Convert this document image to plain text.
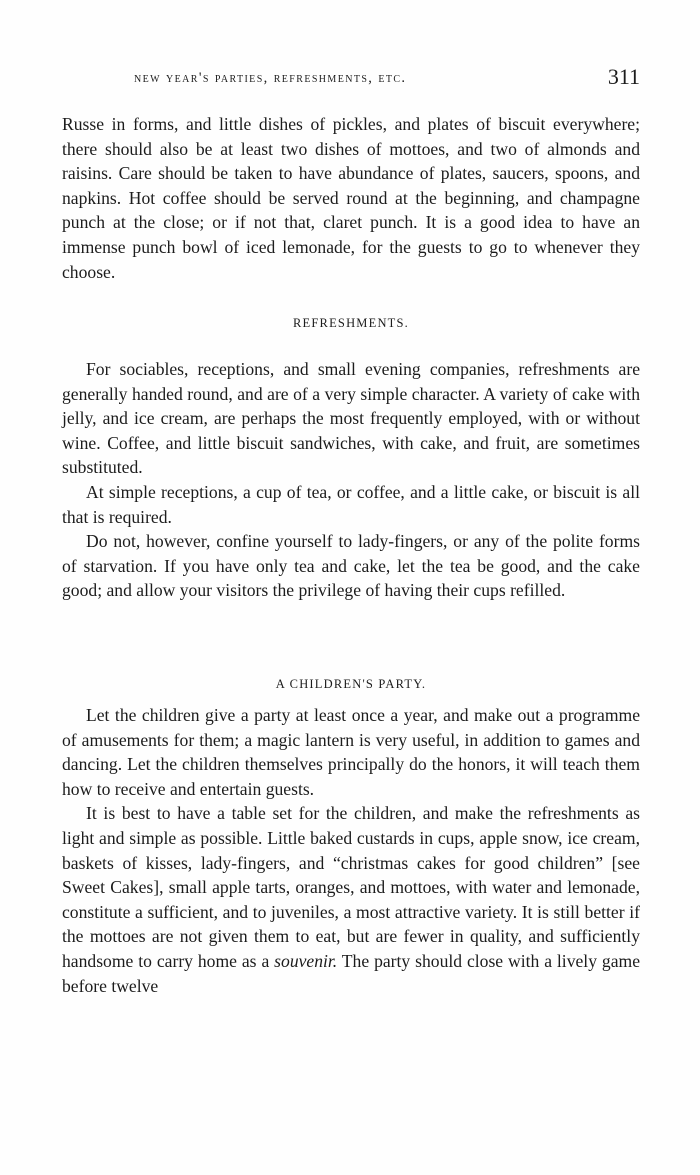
new year's parties, refreshments, etc.	311

Russe in forms, and little dishes of pickles, and plates of biscuit everywhere; there should also be at least two dishes of mottoes, and two of almonds and raisins. Care should be taken to have abundance of plates, saucers, spoons, and napkins. Hot coffee should be served round at the beginning, and champagne punch at the close; or if not that, claret punch. It is a good idea to have an immense punch bowl of iced lemonade, for the guests to go to whenever they choose.

REFRESHMENTS.

For sociables, receptions, and small evening companies, refreshments are generally handed round, and are of a very simple character. A variety of cake with jelly, and ice cream, are perhaps the most frequently employed, with or without wine. Coffee, and little biscuit sandwiches, with cake, and fruit, are sometimes substituted.

At simple receptions, a cup of tea, or coffee, and a little cake, or biscuit is all that is required.

Do not, however, confine yourself to lady-fingers, or any of the polite forms of starvation. If you have only tea and cake, let the tea be good, and the cake good; and allow your visitors the privilege of having their cups refilled.

A CHILDREN'S PARTY.

Let the children give a party at least once a year, and make out a programme of amusements for them; a magic lantern is very useful, in addition to games and dancing. Let the children themselves principally do the honors, it will teach them how to receive and entertain guests.

It is best to have a table set for the children, and make the refreshments as light and simple as possible. Little baked custards in cups, apple snow, ice cream, baskets of kisses, lady-fingers, and “christmas cakes for good children” [see Sweet Cakes], small apple tarts, oranges, and mottoes, with water and lemonade, constitute a sufficient, and to juveniles, a most attractive variety. It is still better if the mottoes are not given them to eat, but are fewer in quality, and sufficiently handsome to carry home as a souvenir. The party should close with a lively game before twelve
